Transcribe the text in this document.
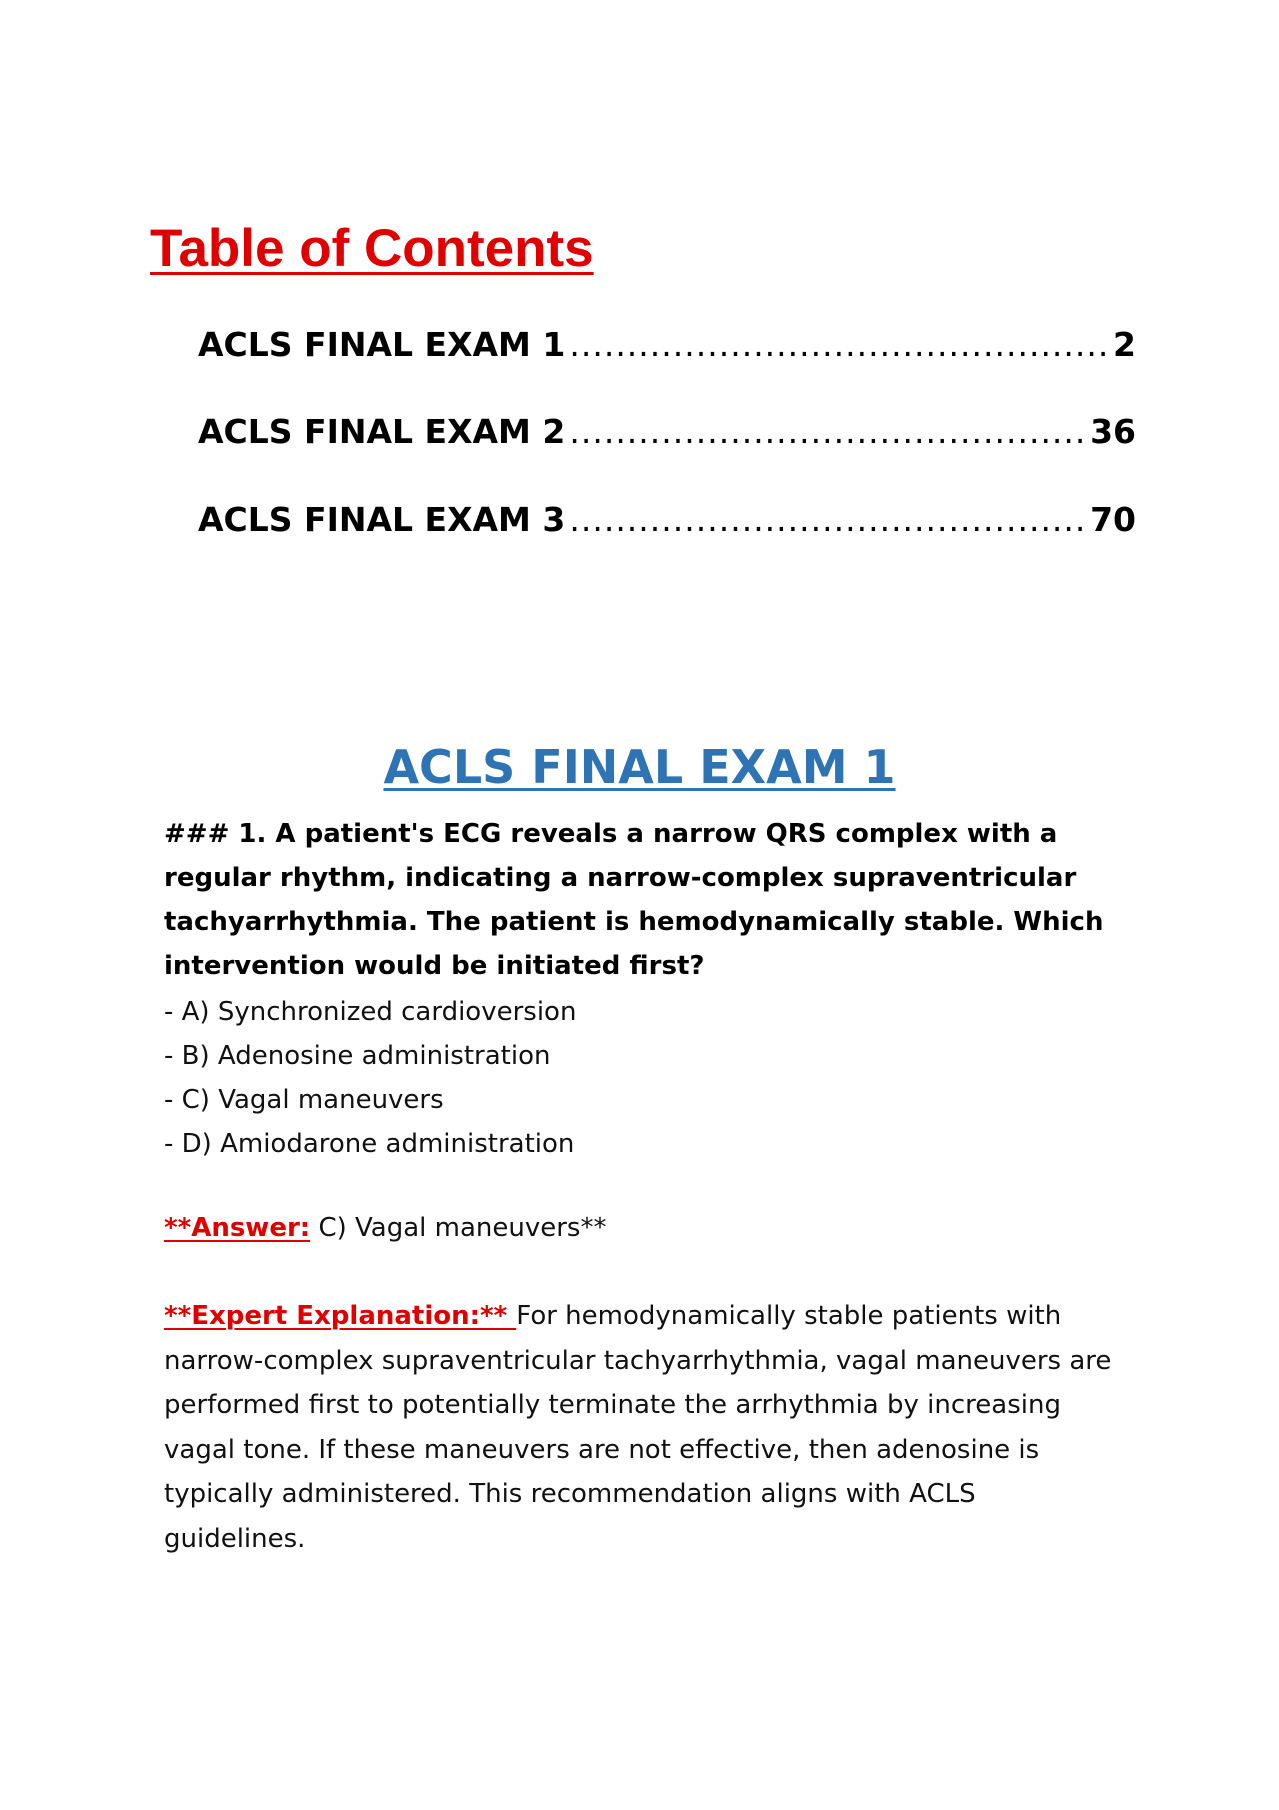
Table of Contents
ACLS FINAL EXAM 1 .....	2
ACLS FINAL EXAM 2 .....	36
ACLS FINAL EXAM 3 .....	70
ACLS FINAL EXAM 1

### 1. A patient's ECG reveals a narrow QRS complex with a regular rhythm, indicating a narrow-complex supraventricular tachyarrhythmia. The patient is hemodynamically stable. Which intervention would be initiated first?

- A) Synchronized cardioversion
- B) Adenosine administration
- C) Vagal maneuvers
- D) Amiodarone administration

**Answer: C) Vagal maneuvers**

**Expert Explanation:** For hemodynamically stable patients with narrow-complex supraventricular tachyarrhythmia, vagal maneuvers are performed first to potentially terminate the arrhythmia by increasing vagal tone. If these maneuvers are not effective, then adenosine is typically administered. This recommendation aligns with ACLS guidelines.
